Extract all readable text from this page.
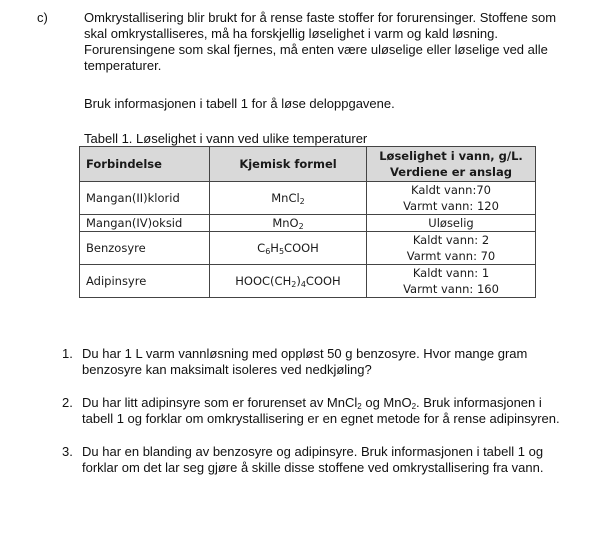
c)	Omkrystallisering blir brukt for å rense faste stoffer for forurensinger. Stoffene som skal omkrystalliseres, må ha forskjellig løselighet i varm og kald løsning. Forurensingene som skal fjernes, må enten være uløselige eller løselige ved alle temperaturer.

Bruk informasjonen i tabell 1 for å løse deloppgavene.

Tabell 1. Løselighet i vann ved ulike temperaturer

Forbindelse	Kjemisk formel	Løselighet i vann, g/L.
Verdiene er anslag
Mangan(II)klorid	MnCl$_2$	Kaldt vann:70
Varmt vann: 120
Mangan(IV)oksid	MnO$_2$	Uløselig
Benzosyre	$C_6H_5COOH$	Kaldt vann: 2
Varmt vann: 70
Adipinsyre	$HOOC(CH_2)_4COOH$	Kaldt vann: 1
Varmt vann: 160
1. Du har 1 L varm vannløsning med oppløst 50 g benzosyre. Hvor mange gram benzosyre kan maksimalt isoleres ved nedkjøling?
2. Du har litt adipinsyre som er forurenset av MnCl$_2$ og MnO$_2$. Bruk informasjonen i tabell 1 og forklar om omkrystallisering er en egnet metode for å rense adipinsyren.
3. Du har en blanding av benzosyre og adipinsyre. Bruk informasjonen i tabell 1 og forklar om det lar seg gjøre å skille disse stoffene ved omkrystallisering fra vann.
